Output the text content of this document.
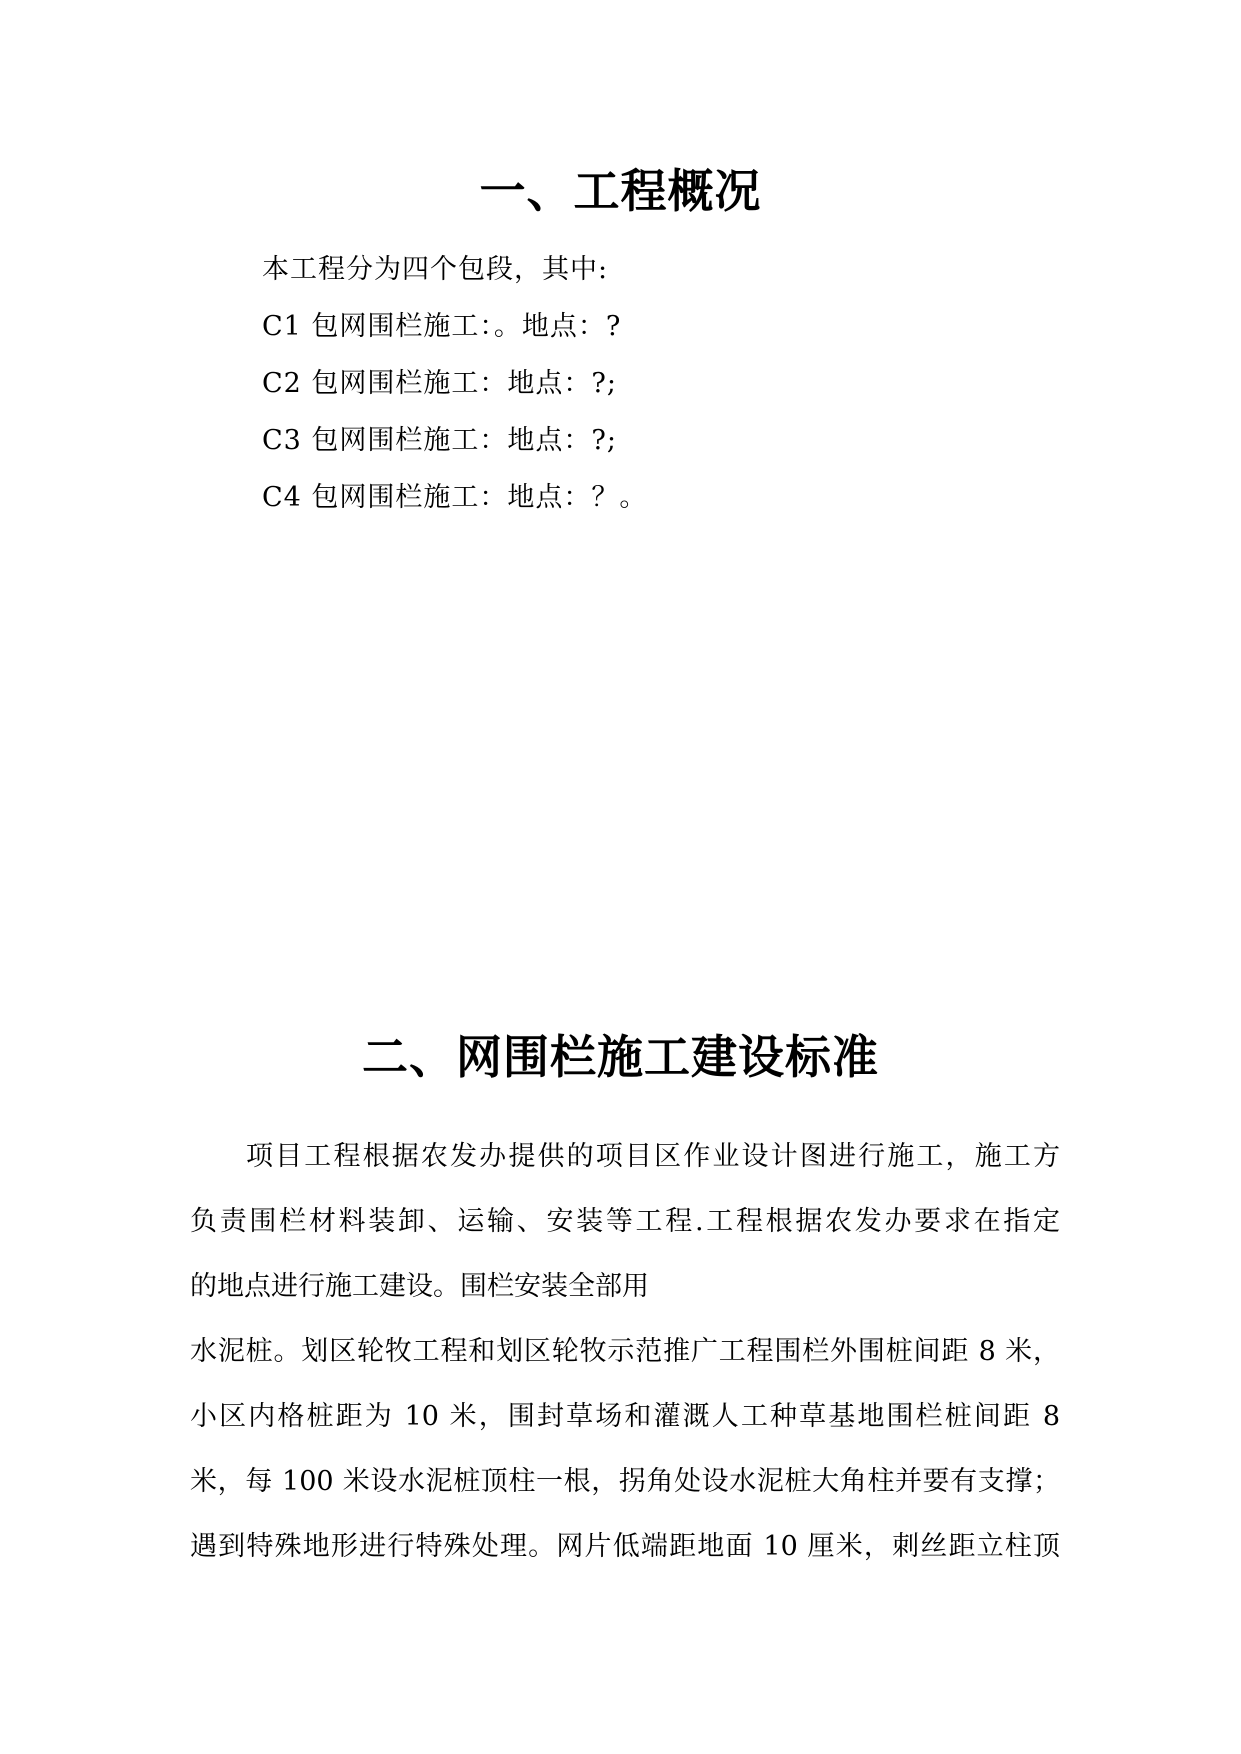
一、工程概况
本工程分为四个包段，其中:
C1 包网围栏施工：。地点：?
C2 包网围栏施工：地点：?;
C3 包网围栏施工：地点：?;
C4 包网围栏施工：地点：？。
二、网围栏施工建设标准
项目工程根据农发办提供的项目区作业设计图进行施工，施工方
负责围栏材料装卸、运输、安装等工程.工程根据农发办要求在指定
的地点进行施工建设。围栏安装全部用
水泥桩。划区轮牧工程和划区轮牧示范推广工程围栏外围桩间距 8 米，
小区内格桩距为 10 米，围封草场和灌溉人工种草基地围栏桩间距 8
米，每 100 米设水泥桩顶柱一根，拐角处设水泥桩大角柱并要有支撑；
遇到特殊地形进行特殊处理。网片低端距地面 10 厘米，刺丝距立柱顶
